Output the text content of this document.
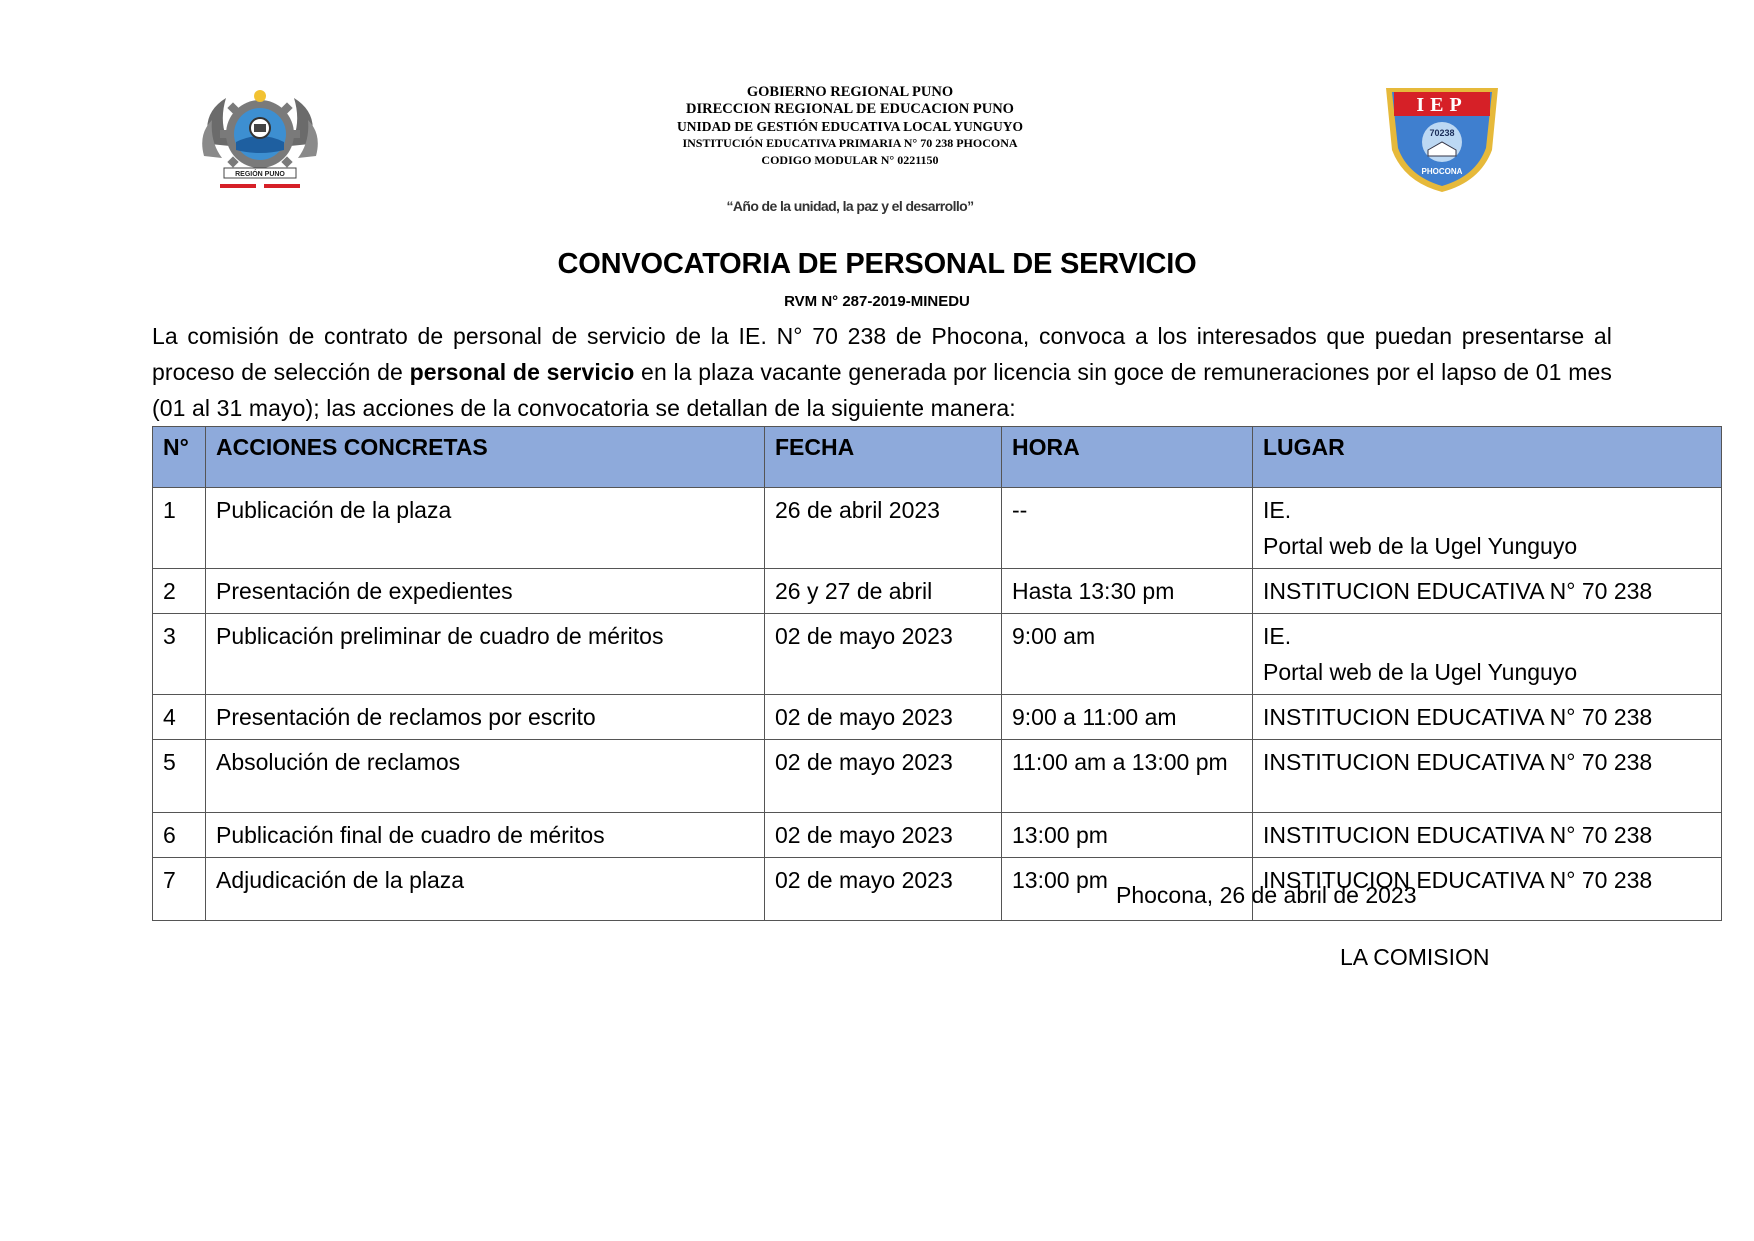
REGIÓN PUNO
GOBIERNO REGIONAL PUNO
DIRECCION REGIONAL DE EDUCACION PUNO
UNIDAD DE GESTIÓN EDUCATIVA LOCAL YUNGUYO
INSTITUCIÓN EDUCATIVA PRIMARIA N° 70 238 PHOCONA
CODIGO MODULAR N° 0221150
“Año de la unidad, la paz y el desarrollo”
IEP
70238
PHOCONA
CONVOCATORIA DE PERSONAL DE SERVICIO
RVM N° 287-2019-MINEDU
La comisión de contrato de personal de servicio de la IE. N° 70 238 de Phocona, convoca a los interesados que puedan presentarse al proceso de selección de personal de servicio en la plaza vacante generada por licencia sin goce de remuneraciones por el lapso de 01 mes (01 al 31 mayo); las acciones de la convocatoria se detallan de la siguiente manera:
N°	ACCIONES CONCRETAS	FECHA	HORA	LUGAR
1	Publicación de la plaza	26 de abril 2023	--	IE.
Portal web de la Ugel Yunguyo

2	Presentación de expedientes	26 y 27 de abril	Hasta 13:30 pm	INSTITUCION EDUCATIVA N° 70 238
3	Publicación preliminar de cuadro de méritos	02 de mayo 2023	9:00 am	IE.
Portal web de la Ugel Yunguyo

4	Presentación de reclamos por escrito	02 de mayo 2023	9:00 a 11:00 am	INSTITUCION EDUCATIVA N° 70 238
5	Absolución de reclamos	02 de mayo 2023	11:00 am a 13:00 pm	INSTITUCION EDUCATIVA N° 70 238
6	Publicación final de cuadro de méritos	02 de mayo 2023	13:00 pm	INSTITUCION EDUCATIVA N° 70 238
7	Adjudicación de la plaza	02 de mayo 2023	13:00 pm	INSTITUCION EDUCATIVA N° 70 238
Phocona, 26 de abril de 2023
LA COMISION
